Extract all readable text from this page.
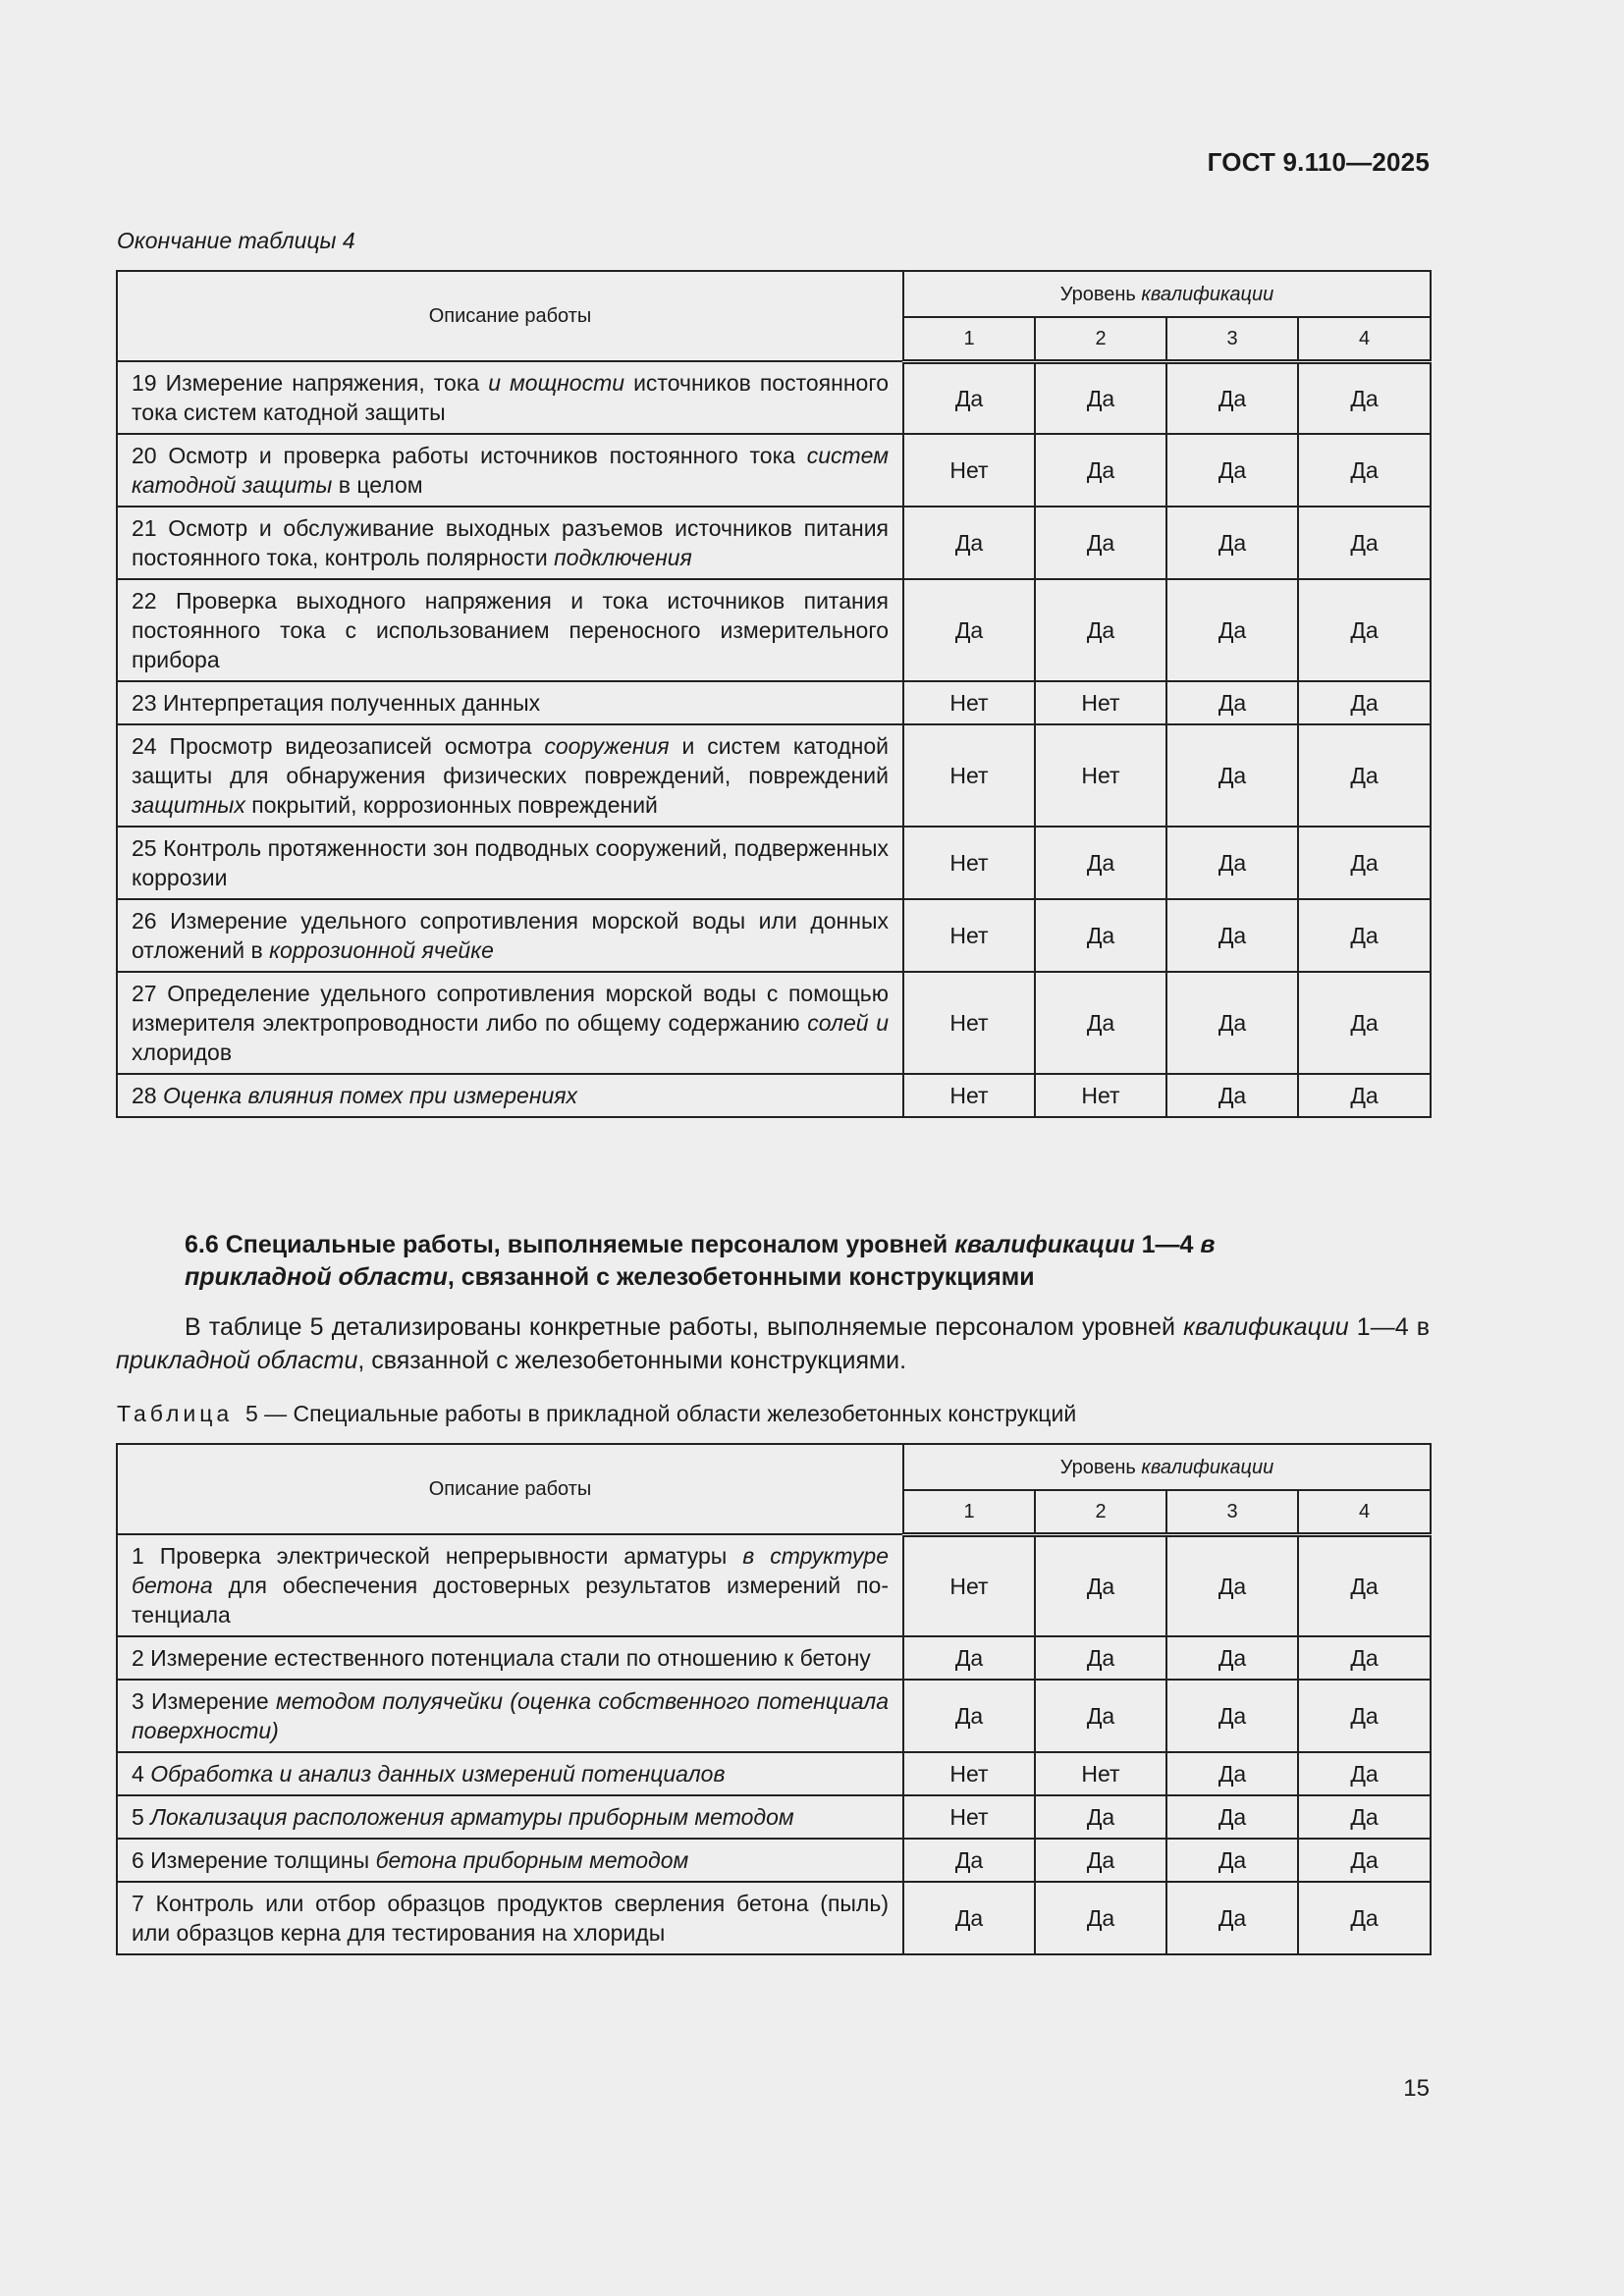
ГОСТ 9.110—2025
Окончание таблицы 4
Описание работы	Уровень квалификации			
	1	2	3	4
19 Измерение напряжения, тока и мощности источников постоянного тока систем катодной защиты	Да	Да	Да	Да
20 Осмотр и проверка работы источников постоянного тока систем катодной защиты в целом	Нет	Да	Да	Да
21 Осмотр и обслуживание выходных разъемов источников питания постоянного тока, контроль полярности подключения	Да	Да	Да	Да
22 Проверка выходного напряжения и тока источников питания постоянного тока с использованием переносного измерительного прибора	Да	Да	Да	Да
23 Интерпретация полученных данных	Нет	Нет	Да	Да
24 Просмотр видеозаписей осмотра сооружения и систем катодной защиты для обнаружения физических повреждений, повреждений защитных покрытий, коррозионных повреждений	Нет	Нет	Да	Да
25 Контроль протяженности зон подводных сооружений, подверженных коррозии	Нет	Да	Да	Да
26 Измерение удельного сопротивления морской воды или донных отложений в коррозионной ячейке	Нет	Да	Да	Да
27 Определение удельного сопротивления морской воды с помощью измерителя электропроводности либо по общему содержанию солей и хлоридов	Нет	Да	Да	Да
28 Оценка влияния помех при измерениях	Нет	Нет	Да	Да
6.6 Специальные работы, выполняемые персоналом уровней квалификации 1—4 в прикладной области, связанной с железобетонными конструкциями
В таблице 5 детализированы конкретные работы, выполняемые персоналом уровней квалификации 1—4 в прикладной области, связанной с железобетонными конструкциями.
Таблица 5 — Специальные работы в прикладной области железобетонных конструкций
Описание работы	Уровень квалификации			
	1	2	3	4
1 Проверка электрической непрерывности арматуры в структуре бетона для обеспечения достоверных результатов измерений потенциала	Нет	Да	Да	Да
2 Измерение естественного потенциала стали по отношению к бетону	Да	Да	Да	Да
3 Измерение методом полуячейки (оценка собственного потенциала поверхности)	Да	Да	Да	Да
4 Обработка и анализ данных измерений потенциалов	Нет	Нет	Да	Да
5 Локализация расположения арматуры приборным методом	Нет	Да	Да	Да
6 Измерение толщины бетона приборным методом	Да	Да	Да	Да
7 Контроль или отбор образцов продуктов сверления бетона (пыль) или образцов керна для тестирования на хлориды	Да	Да	Да	Да
15
